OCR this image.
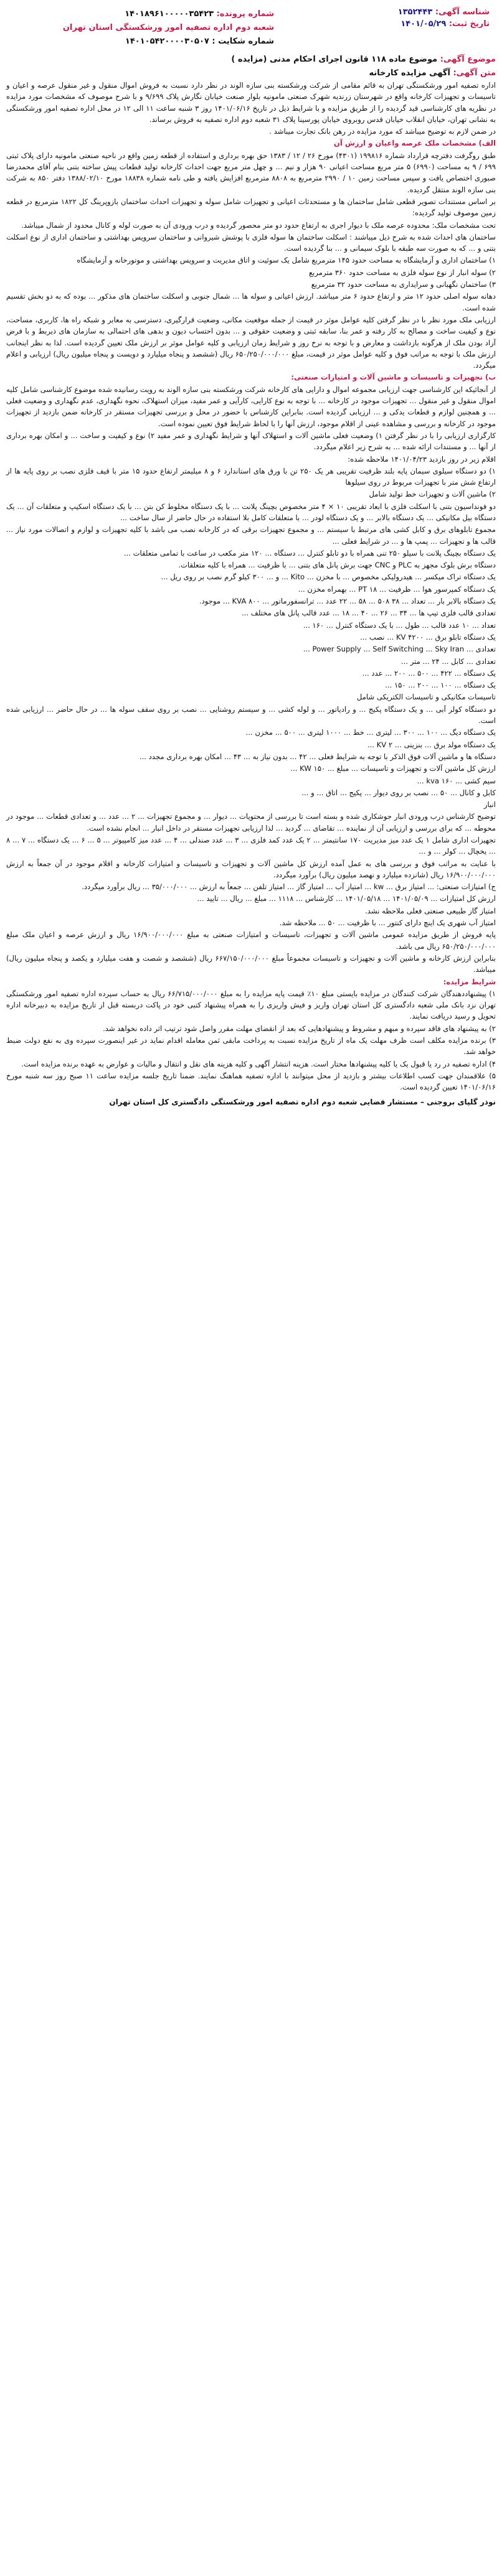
شناسه آگهی: ۱۳۵۲۴۴۳
تاریخ ثبت: ۱۴۰۱/۰۵/۲۹
شماره پرونده: ۱۴۰۱۸۹۶۱۰۰۰۰۰۳۵۴۲۳
شعبه دوم اداره تصفیه امور ورشکستگی استان تهران
شماره شکایت : ۱۴۰۱۰۵۴۲۰۰۰۰۳۰۵۰۷
موضوع آگهی: موضوع ماده ۱۱۸ قانون اجرای احکام مدنی (مزایده )
متن آگهی: آگهی مزایده کارخانه

اداره تصفیه امور ورشکستگی تهران به قائم مقامی از شرکت ورشکسته بنی سازه الوند در نظر دارد نسبت به فروش اموال منقول و غیر منقول عرصه و اعیان و تاسیسات و تجهیزات کارخانه واقع در شهرستان زرندیه شهرک صنعتی مامونیه بلوار صنعت خیابان نگارش پلاک ۹/۶۹۹ و با شرح موصوف که مشخصات مورد مزایده در نظریه های کارشناسی قید گردیده را از طریق مزایده و با شرایط ذیل در تاریخ ۱۴۰۱/۰۶/۱۶ روز ۳ شنبه ساعت ۱۱ الی ۱۲ در محل اداره تصفیه امور ورشکستگی به نشانی تهران، خیابان انقلاب خیابان قدس روبروی خیابان پورسینا پلاک ۳۱ شعبه دوم اداره تصفیه به فروش برساند.

در ضمن لازم به توضیح میباشد که مورد مزایده در رهن بانک تجارت میباشد .

الف) مشخصات ملک عرصه واعیان و ارزش آن

طبق روگرفت دفترچه قرارداد شماره ۱۹۹۸۱۶ (۴۳۰۱) مورخ ۲۶ / ۱۲ / ۱۳۸۳ حق بهره برداری و استفاده از قطعه زمین واقع در ناحیه صنعتی مامونیه دارای پلاک ثبتی ۶۹۹ / ۹ به مساحت (۶۹۹۰) ۵ متر مربع مساحت اعیانی ۹۰ هزار و نیم ... و چهل متر مربع جهت احداث کارخانه تولید قطعات پیش ساخته بتنی بنام آقای محمدرضا صبوری اختصاص یافت و سپس مساحت زمین ۱۰ / ۲۹۹۰ مترمربع به ۸۸۰۸ مترمربع افزایش یافته و طی نامه شماره ۱۸۸۳۸ مورخ ۱۳۸۸/۰۲/۱۰ دفتر ۸۵۰ به شرکت بنی سازه الوند منتقل گردیده.

بر اساس مستندات تصویر قطعی شامل ساختمان ها و مستحدثات اعیانی و تجهیزات شامل سوله و تجهیزات احداث ساختمان بازوپرینگ کل ۱۸۲۲ مترمربع در قطعه زمین موصوف تولید گردیده:

تحت مشخصات ملک: محدوده عرصه ملک با دیوار اجری به ارتفاع حدود دو متر محصور گردیده و درب ورودی آن به صورت لوله و کانال محدود از شمال میباشد.

ساختمان های احداث شده به شرح ذیل میباشند : اسکلت ساختمان ها سوله فلزی با پوشش شیروانی و ساختمان سرویس بهداشتی و ساختمان اداری از نوع اسکلت بتنی و ... که به صورت سه طبقه با بلوک سیمانی و ... بنا گردیده است.

۱) ساختمان اداری و آزمایشگاه به مساحت حدود ۱۴۵ مترمربع شامل یک سوئیت و اتاق مدیریت و سرویس بهداشتی و موتورخانه و آزمایشگاه

۲) سوله انبار از نوع سوله فلزی به مساحت حدود ۳۶۰ مترمربع

۳) ساختمان نگهبانی و سرایداری به مساحت حدود ۳۲ مترمربع

دهانه سوله اصلی حدود ۱۲ متر و ارتفاع حدود ۶ متر میباشد. ارزش اعیانی و سوله ها ... شمال جنوبی و اسکلت ساختمان های مذکور ... بوده که به دو بخش تقسیم شده است.

ارزیابی ملک مورد نظر با در نظر گرفتن کلیه عوامل موثر در قیمت از جمله موقعیت مکانی، وضعیت قرارگیری، دسترسی به معابر و شبکه راه ها، کاربری، مساحت، نوع و کیفیت ساخت و مصالح به کار رفته و عمر بنا، سابقه ثبتی و وضعیت حقوقی و ... بدون احتساب دیون و بدهی های احتمالی به سازمان های ذیربط و با فرض آزاد بودن ملک از هرگونه بازداشت و معارض و با توجه به نرخ روز و شرایط زمان ارزیابی و کلیه عوامل موثر بر ارزش ملک تعیین گردیده است. لذا به نظر اینجانب ارزش ملک با توجه به مراتب فوق و کلیه عوامل موثر در قیمت، مبلغ ۶۵۰/۲۵۰/۰۰۰/۰۰۰ ریال (ششصد و پنجاه میلیارد و دویست و پنجاه میلیون ریال) ارزیابی و اعلام میگردد.

ب) تجهیزات و تاسیسات و ماشین آلات و امتیازات صنعتی:

از آنجائیکه این کارشناسی جهت ارزیابی مجموعه اموال و دارایی های کارخانه شرکت ورشکسته بنی سازه الوند به رویت رسانیده شده موضوع کارشناسی شامل کلیه اموال منقول و غیر منقول ... تجهیزات موجود در کارخانه ... با توجه به نوع کارایی، کارآیی و عمر مفید، میزان استهلاک، نحوه نگهداری، عدم نگهداری و وضعیت فعلی ... و همچنین لوازم و قطعات یدکی و ... ارزیابی گردیده است. بنابراین کارشناس با حضور در محل و بررسی تجهیزات مستقر در کارخانه ضمن بازدید از تجهیزات موجود در کارخانه و بررسی و مشاهده عینی از اقلام موجود، ارزش آنها را با لحاظ شرایط فوق تعیین نموده است.

کارگزاری ارزیابی را با در نظر گرفتن ۱) وضعیت فعلی ماشین آلات و استهلاک آنها و شرایط نگهداری و عمر مفید ۲) نوع و کیفیت و ساخت ... و امکان بهره برداری از آنها ... و مستندات ارائه شده ... به شرح زیر اعلام میگردد.

اقلام زیر در روز بازدید ۱۴۰۱/۰۴/۲۳ ملاحظه شده:

۱) دو دستگاه سیلوی سیمان پایه بلند ظرفیت تقریبی هر یک ۲۵۰ تن با ورق های استاندارد ۶ و ۸ میلیمتر ارتفاع حدود ۱۵ متر با قیف فلزی نصب بر روی پایه ها از ارتفاع شش متر با تجهیزات مربوط در روی سیلوها

۲) ماشین آلات و تجهیزات خط تولید شامل

دو فونداسیون بتنی با اسکلت فلزی با ابعاد تقریبی ۱۰ × ۴ متر مخصوص بچینگ پلانت ... با یک دستگاه مخلوط کن بتن ... با یک دستگاه اسکیپ و متعلقات آن ... یک دستگاه بیل مکانیکی ... یک دستگاه بالابر ... و یک دستگاه لودر ... با متعلقات کامل بلا استفاده در حال حاضر از سال ساخت ...

مجموع تابلوهای برق و کابل کشی های مرتبط با سیستم ... و مجموع تجهیزات برقی که در کارخانه نصب می باشد با کلیه تجهیزات و لوازم و اتصالات مورد نیاز ... قالب ها و تجهیزات ... پمپ ها و ... در شرایط فعلی ...

یک دستگاه بچینگ پلانت با سیلو ۲۵۰ تنی همراه با دو تابلو کنترل ... دستگاه ... ۱۲۰ متر مکعب در ساعت با تمامی متعلقات ...

دستگاه برش بلوک مجهز به PLC و CNC جهت برش پانل های بتنی ... با ظرفیت ... همراه با کلیه متعلقات.

یک دستگاه تراک میکسر ... هیدرولیکی مخصوص ... با مخزن ... Kito ... و ... ۳۰۰ کیلو گرم نصب بر روی ریل ...

یک دستگاه کمپرسور هوا ... ظرفیت ... PT ۱۸ ... بهمراه مخزن ...

یک دستگاه بالابر بار ... تعداد ... ۳۸ ۵۰۸ ... ۵۸ ... ۲۲ عدد ... ترانسفورماتور ... ۸۰۰ KVA ... موجود.

تعدادی قالب فلزی تیپ ها ... ۳۴ ... ۲۶ ... ۴۰ ... ۱۸ ... عدد قالب پانل های مختلف ...

تعداد ... ۱۰ عدد قالب ... طول ... با یک دستگاه کنترل ... ۱۶۰ ...

یک دستگاه تابلو برق ... KV ۴۲۰۰ ... نصب ...

تعدادی ... Power Supply ... Self Switching ... Sky Iran ...

تعدادی ... کابل ... ۲۴ ... متر ...

یک دستگاه ... ۴۲۲ ... ۵۰۰ ... ۲۰۰ ... عدد ...

یک دستگاه ... ۱۰۰ ... ۲۰۰ ... ۱۵۰ ...

تاسیسات مکانیکی و تاسیسات الکتریکی شامل

دو دستگاه کولر آبی ... و یک دستگاه پکیج ... و رادیاتور ... و لوله کشی ... و سیستم روشنایی ... نصب بر روی سقف سوله ها ... در حال حاضر ... ارزیابی شده است.

یک دستگاه دیگ ... ۱۰۰ ... ۳۰۰ ... لیتری ... خط ... ۱۰۰۰ لیتری ... ۵۰۰ ... مخزن ...

یک دستگاه مولد برق ... بنزینی ... ۲ KV ...

دستگاه ها و ماشین آلات فوق الذکر با توجه به شرایط فعلی ... ۴۲ ... بدون نیاز به ... ۴۳ ... امکان بهره برداری مجدد ...

ارزش کل ماشین آلات و تجهیزات و تاسیسات ... مبلغ ... KW ۱۵۰ ...

سیم کشی ... kva ۱۶۰ ...

کابل و کانال ... ۵۰ ... نصب بر روی دیوار ... پکیج ... اتاق ... و ...

انبار

توضیح کارشناس درب ورودی انبار جوشکاری شده و بسته است تا بررسی از محتویات ... دیوار ... و مجموع تجهیزات ... ۲ ... عدد ... و تعدادی قطعات ... موجود در محوطه ... که برای بررسی و ارزیابی آن از نماینده ... تقاضای ... گردید ... لذا ارزیابی تجهیزات مستقر در داخل انبار ... انجام نشده است.

تجهیزات اداری شامل ۱ یک عدد میز مدیریت ۱۷۰ سانتیمتر ... ۲ یک عدد کمد فلزی ... ۳ ... عدد صندلی ... ۴ ... عدد میز کامپیوتر ... ۵ ... ۶ ... یک دستگاه ... ۷ ... ۸ ... یخچال ... کولر ... و ...

با عنایت به مراتب فوق و بررسی های به عمل آمده ارزش کل ماشین آلات و تجهیزات و تاسیسات و امتیازات کارخانه و اقلام موجود در آن جمعاً به ارزش ۱۶/۹۰۰/۰۰۰/۰۰۰ ریال (شانزده میلیارد و نهصد میلیون ریال) برآورد میگردد.

ج) امتیازات صنعتی: ... امتیاز برق ... kw ... امتیاز آب ... امتیاز گاز ... امتیاز تلفن ... جمعاً به ارزش ... ۳۵/۰۰۰/۰۰۰ ... ریال برآورد میگردد.

ارزش کل امتیازات ... ۱۴۰۱/۰۵/۰۹ ... ۱۴۰۱/۰۵/۱۸ ... کارشناس ... ۱۱۱۸ ... مبلغ ... ریال ... تایید ...

امتیاز گاز طبیعی صنعتی فعلی ملاحظه نشد.

امتیاز آب شهری یک اینچ دارای کنتور ... با ظرفیت ... ۵۰ ... ملاحظه شد.

پایه فروش از طریق مزایده عمومی ماشین آلات و تجهیزات، تاسیسات و امتیازات صنعتی به مبلغ ۱۶/۹۰۰/۰۰۰/۰۰۰ ریال و ارزش عرصه و اعیان ملک مبلغ ۶۵۰/۲۵۰/۰۰۰/۰۰۰ ریال می باشد.

بنابراین ارزش کارخانه و ماشین آلات و تجهیزات و تاسیسات مجموعاً مبلغ ۶۶۷/۱۵۰/۰۰۰/۰۰۰ ریال (ششصد و شصت و هفت میلیارد و یکصد و پنجاه میلیون ریال) میباشد.

شرایط مزایده:

۱) پیشنهاددهندگان شرکت کنندگان در مزایده بایستی مبلغ ۱۰٪ قیمت پایه مزایده را به مبلغ ۶۶/۷۱۵/۰۰۰/۰۰۰ ریال به حساب سپرده اداره تصفیه امور ورشکستگی تهران نزد بانک ملی شعبه دادگستری کل استان تهران واریز و فیش واریزی را به همراه پیشنهاد کتبی خود در پاکت دربسته قبل از تاریخ مزایده به دبیرخانه اداره تحویل و رسید دریافت نمایند.

۲) به پیشنهاد های فاقد سپرده و مبهم و مشروط و پیشنهادهایی که بعد از انقضای مهلت مقرر واصل شود ترتیب اثر داده نخواهد شد.

۳) برنده مزایده مکلف است ظرف مهلت یک ماه از تاریخ مزایده نسبت به پرداخت مابقی ثمن معامله اقدام نماید در غیر اینصورت سپرده وی به نفع دولت ضبط خواهد شد.

۴) اداره تصفیه در رد یا قبول یک یا کلیه پیشنهادها مختار است. هزینه انتشار آگهی و کلیه هزینه های نقل و انتقال و مالیات و عوارض به عهده برنده مزایده است.

۵) علاقمندان جهت کسب اطلاعات بیشتر و بازدید از محل میتوانند با اداره تصفیه هماهنگ نمایند. ضمنا تاریخ جلسه مزایده ساعت ۱۱ صبح روز سه شنبه مورخ ۱۴۰۱/۰۶/۱۶ تعیین گردیده است.

نوذر گلپای بروجنی – مستشار قضایی شعبه دوم اداره تصفیه امور ورشکستگی دادگستری کل استان تهران
